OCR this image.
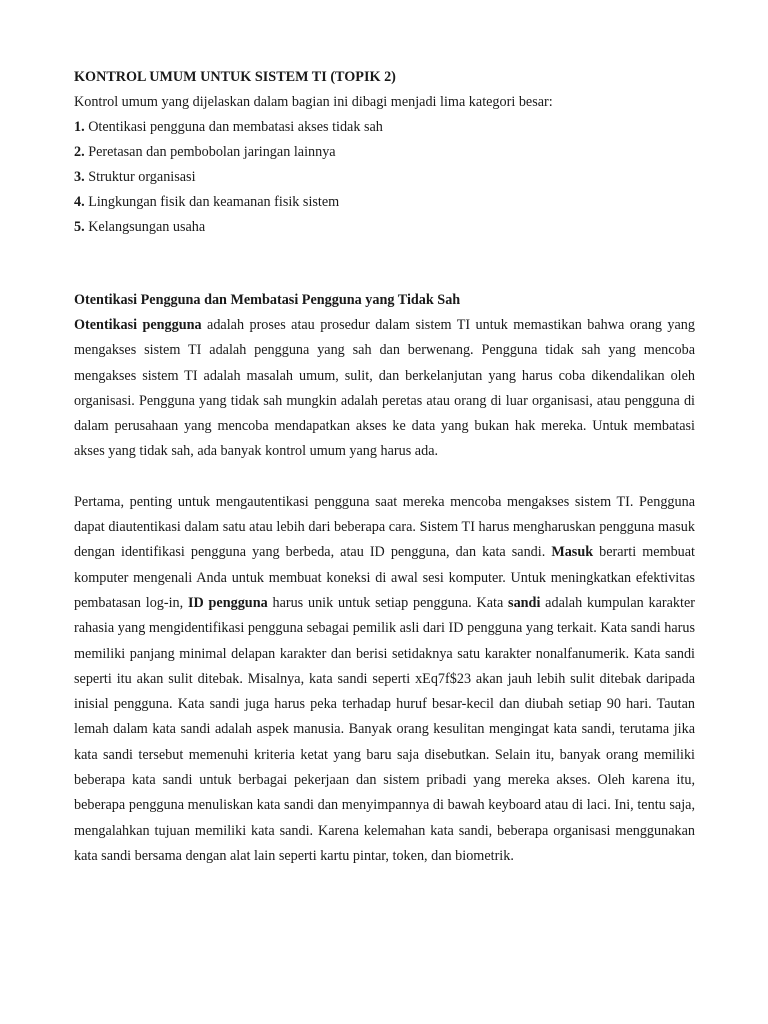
KONTROL UMUM UNTUK SISTEM TI (TOPIK 2)
Kontrol umum yang dijelaskan dalam bagian ini dibagi menjadi lima kategori besar:
1. Otentikasi pengguna dan membatasi akses tidak sah
2. Peretasan dan pembobolan jaringan lainnya
3. Struktur organisasi
4. Lingkungan fisik dan keamanan fisik sistem
5. Kelangsungan usaha
Otentikasi Pengguna dan Membatasi Pengguna yang Tidak Sah

Otentikasi pengguna adalah proses atau prosedur dalam sistem TI untuk memastikan bahwa orang yang mengakses sistem TI adalah pengguna yang sah dan berwenang. Pengguna tidak sah yang mencoba mengakses sistem TI adalah masalah umum, sulit, dan berkelanjutan yang harus coba dikendalikan oleh organisasi. Pengguna yang tidak sah mungkin adalah peretas atau orang di luar organisasi, atau pengguna di dalam perusahaan yang mencoba mendapatkan akses ke data yang bukan hak mereka. Untuk membatasi akses yang tidak sah, ada banyak kontrol umum yang harus ada.

Pertama, penting untuk mengautentikasi pengguna saat mereka mencoba mengakses sistem TI. Pengguna dapat diautentikasi dalam satu atau lebih dari beberapa cara. Sistem TI harus mengharuskan pengguna masuk dengan identifikasi pengguna yang berbeda, atau ID pengguna, dan kata sandi. Masuk berarti membuat komputer mengenali Anda untuk membuat koneksi di awal sesi komputer. Untuk meningkatkan efektivitas pembatasan log-in, ID pengguna harus unik untuk setiap pengguna. Kata sandi adalah kumpulan karakter rahasia yang mengidentifikasi pengguna sebagai pemilik asli dari ID pengguna yang terkait. Kata sandi harus memiliki panjang minimal delapan karakter dan berisi setidaknya satu karakter nonalfanumerik. Kata sandi seperti itu akan sulit ditebak. Misalnya, kata sandi seperti xEq7f$23 akan jauh lebih sulit ditebak daripada inisial pengguna. Kata sandi juga harus peka terhadap huruf besar-kecil dan diubah setiap 90 hari. Tautan lemah dalam kata sandi adalah aspek manusia. Banyak orang kesulitan mengingat kata sandi, terutama jika kata sandi tersebut memenuhi kriteria ketat yang baru saja disebutkan. Selain itu, banyak orang memiliki beberapa kata sandi untuk berbagai pekerjaan dan sistem pribadi yang mereka akses. Oleh karena itu, beberapa pengguna menuliskan kata sandi dan menyimpannya di bawah keyboard atau di laci. Ini, tentu saja, mengalahkan tujuan memiliki kata sandi. Karena kelemahan kata sandi, beberapa organisasi menggunakan kata sandi bersama dengan alat lain seperti kartu pintar, token, dan biometrik.
